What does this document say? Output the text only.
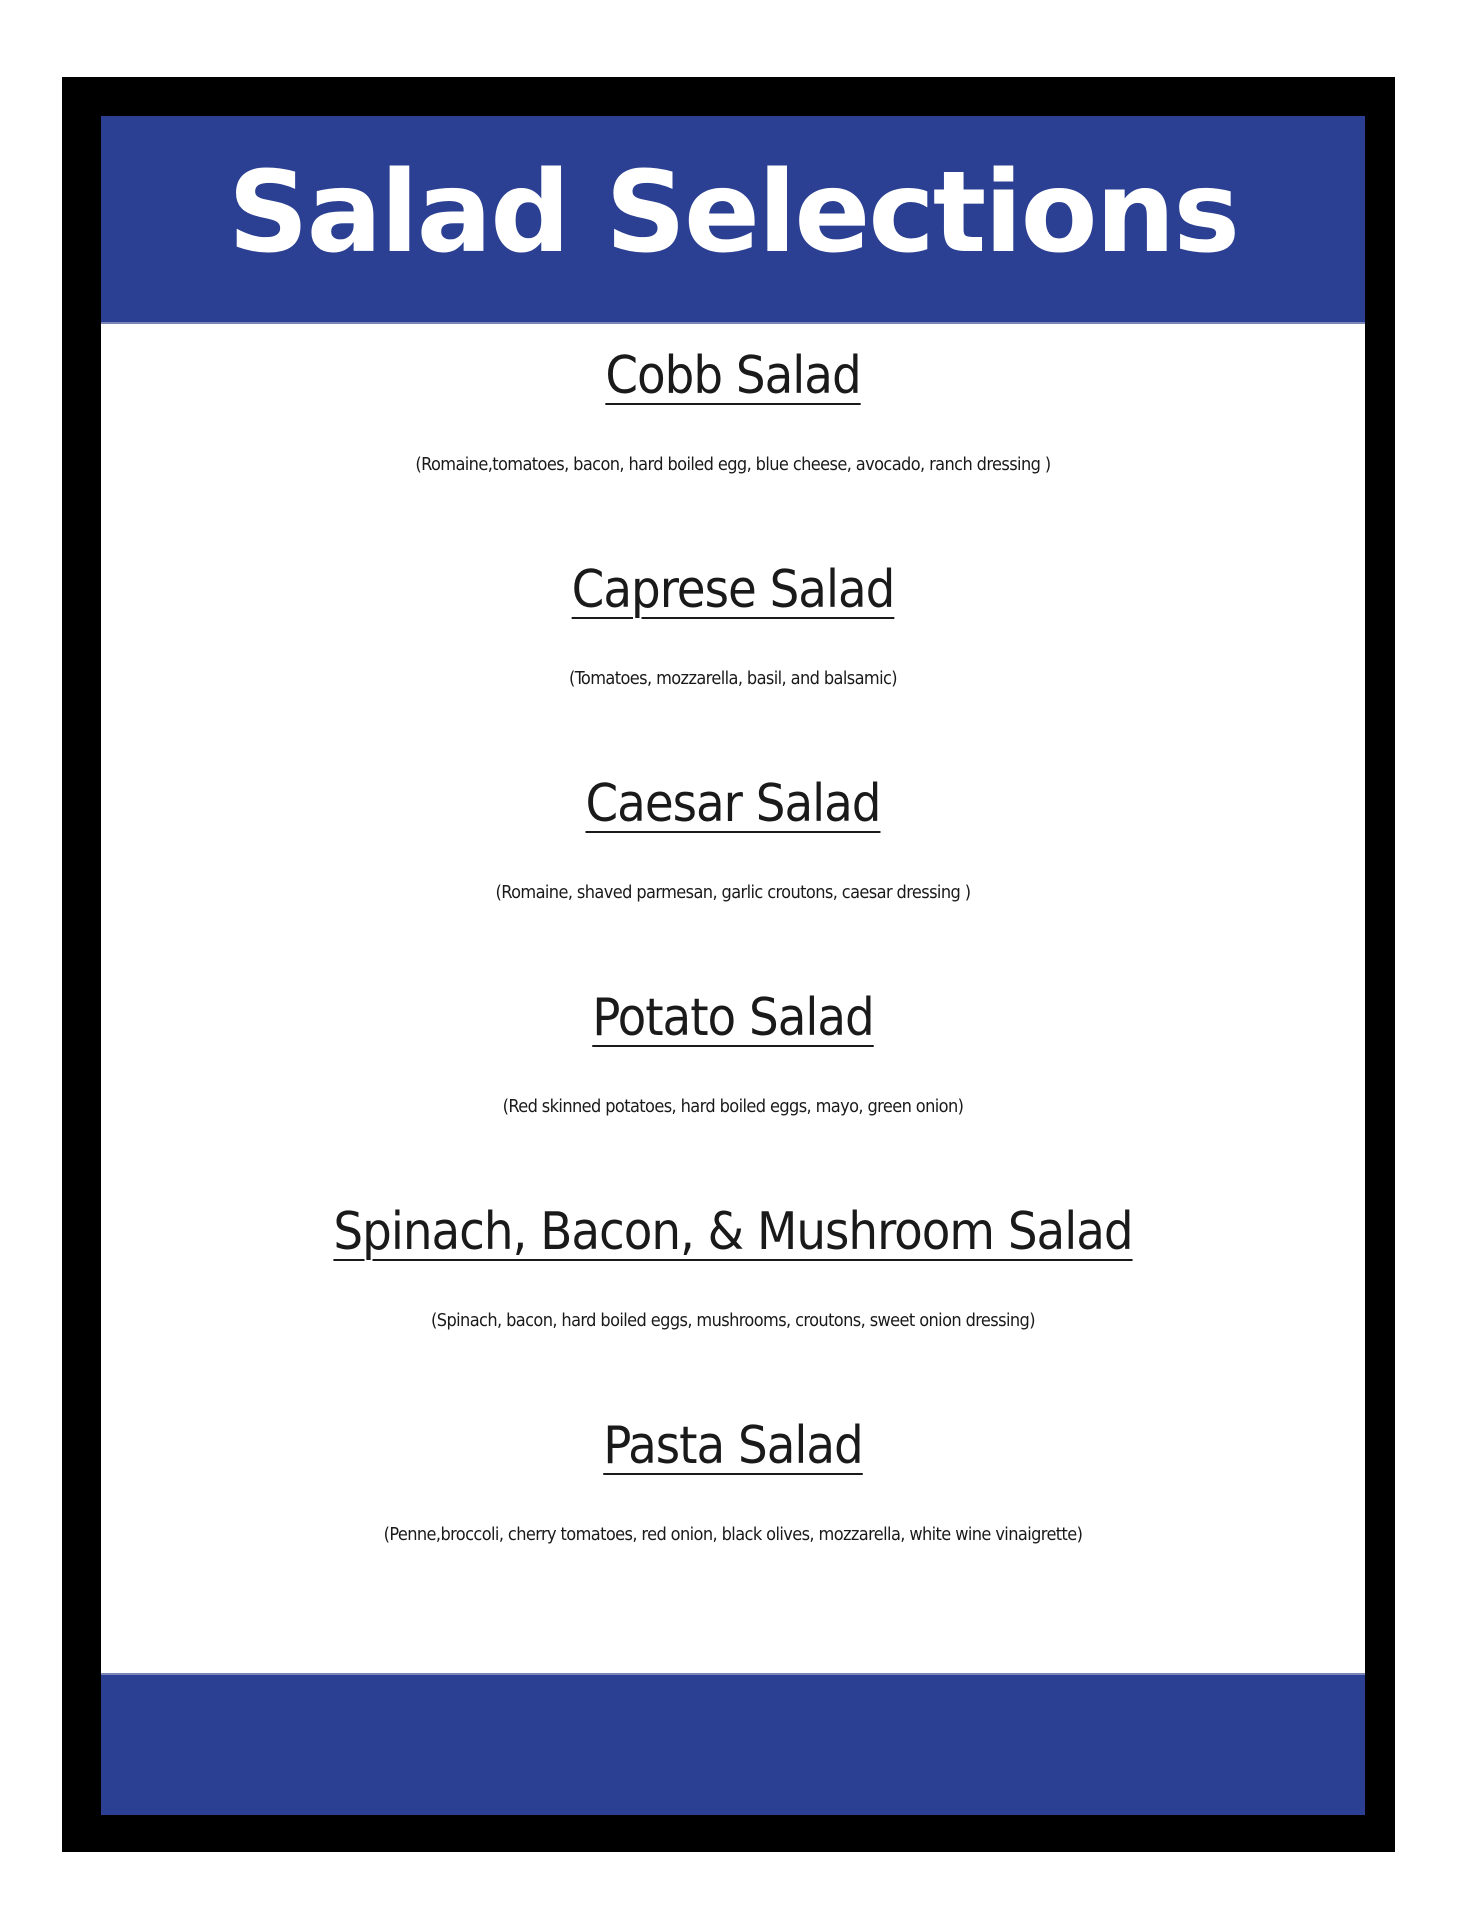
Salad Selections
Cobb Salad
(Romaine,tomatoes, bacon, hard boiled egg, blue cheese, avocado, ranch dressing )
Caprese Salad
(Tomatoes, mozzarella, basil, and balsamic)
Caesar Salad
(Romaine, shaved parmesan, garlic croutons, caesar dressing )
Potato Salad
(Red skinned potatoes, hard boiled eggs, mayo, green onion)
Spinach, Bacon, & Mushroom Salad
(Spinach, bacon, hard boiled eggs, mushrooms, croutons, sweet onion dressing)
Pasta Salad
(Penne,broccoli, cherry tomatoes, red onion, black olives, mozzarella, white wine vinaigrette)
